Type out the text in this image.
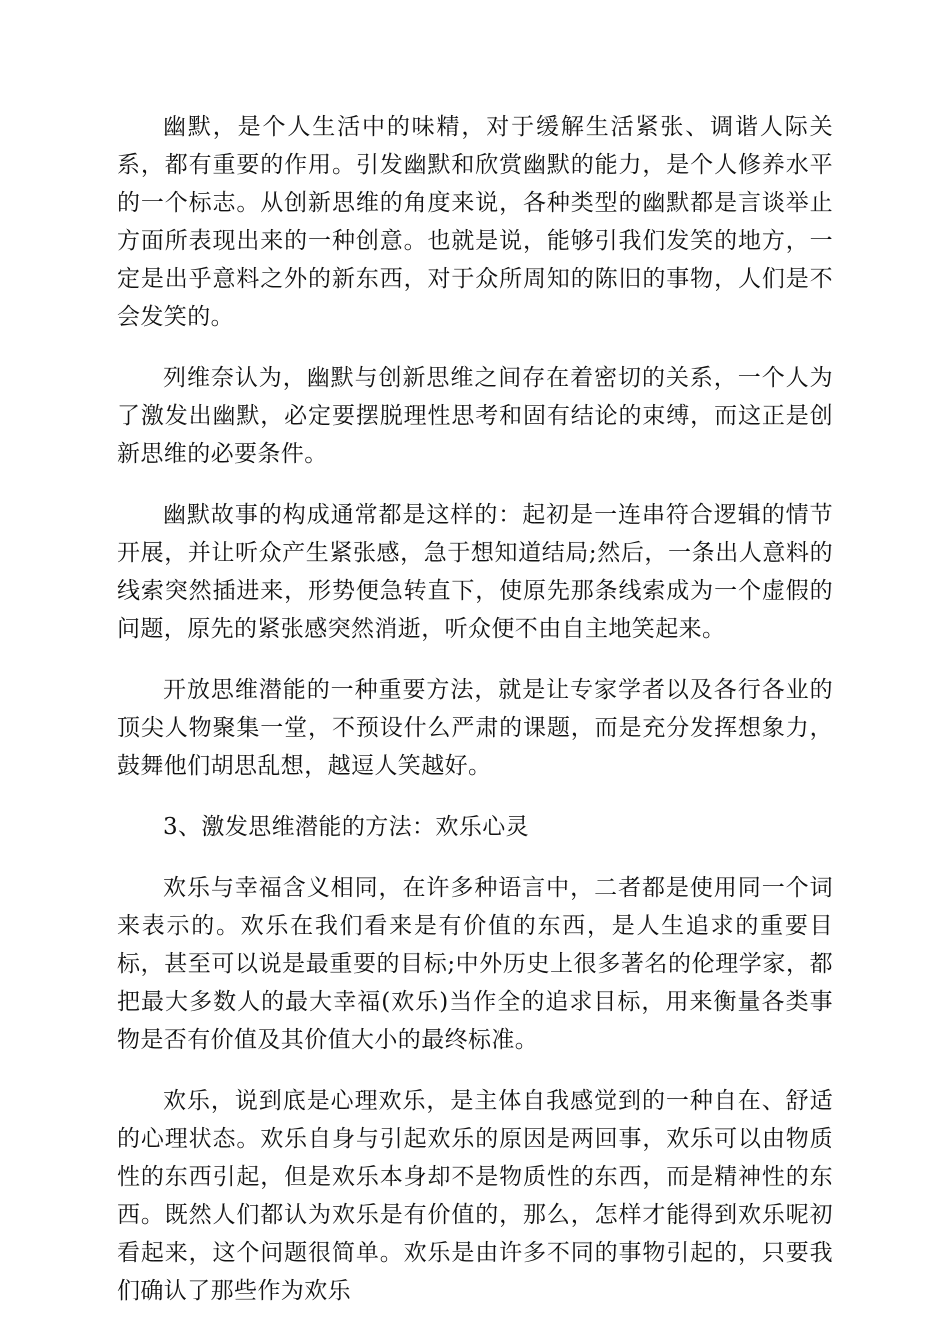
幽默，是个人生活中的味精，对于缓解生活紧张、调谐人际关系，都有重要的作用。引发幽默和欣赏幽默的能力，是个人修养水平的一个标志。从创新思维的角度来说，各种类型的幽默都是言谈举止方面所表现出来的一种创意。也就是说，能够引我们发笑的地方，一定是出乎意料之外的新东西，对于众所周知的陈旧的事物，人们是不会发笑的。

列维奈认为，幽默与创新思维之间存在着密切的关系，一个人为了激发出幽默，必定要摆脱理性思考和固有结论的束缚，而这正是创新思维的必要条件。

幽默故事的构成通常都是这样的：起初是一连串符合逻辑的情节开展，并让听众产生紧张感，急于想知道结局;然后，一条出人意料的线索突然插进来，形势便急转直下，使原先那条线索成为一个虚假的问题，原先的紧张感突然消逝，听众便不由自主地笑起来。

开放思维潜能的一种重要方法，就是让专家学者以及各行各业的顶尖人物聚集一堂，不预设什么严肃的课题，而是充分发挥想象力，鼓舞他们胡思乱想，越逗人笑越好。

3、激发思维潜能的方法：欢乐心灵

欢乐与幸福含义相同，在许多种语言中，二者都是使用同一个词来表示的。欢乐在我们看来是有价值的东西，是人生追求的重要目标，甚至可以说是最重要的目标;中外历史上很多著名的伦理学家，都把最大多数人的最大幸福(欢乐)当作全的追求目标，用来衡量各类事物是否有价值及其价值大小的最终标准。

欢乐，说到底是心理欢乐，是主体自我感觉到的一种自在、舒适的心理状态。欢乐自身与引起欢乐的原因是两回事，欢乐可以由物质性的东西引起，但是欢乐本身却不是物质性的东西，而是精神性的东西。既然人们都认为欢乐是有价值的，那么，怎样才能得到欢乐呢初看起来，这个问题很简单。欢乐是由许多不同的事物引起的，只要我们确认了那些作为欢乐
